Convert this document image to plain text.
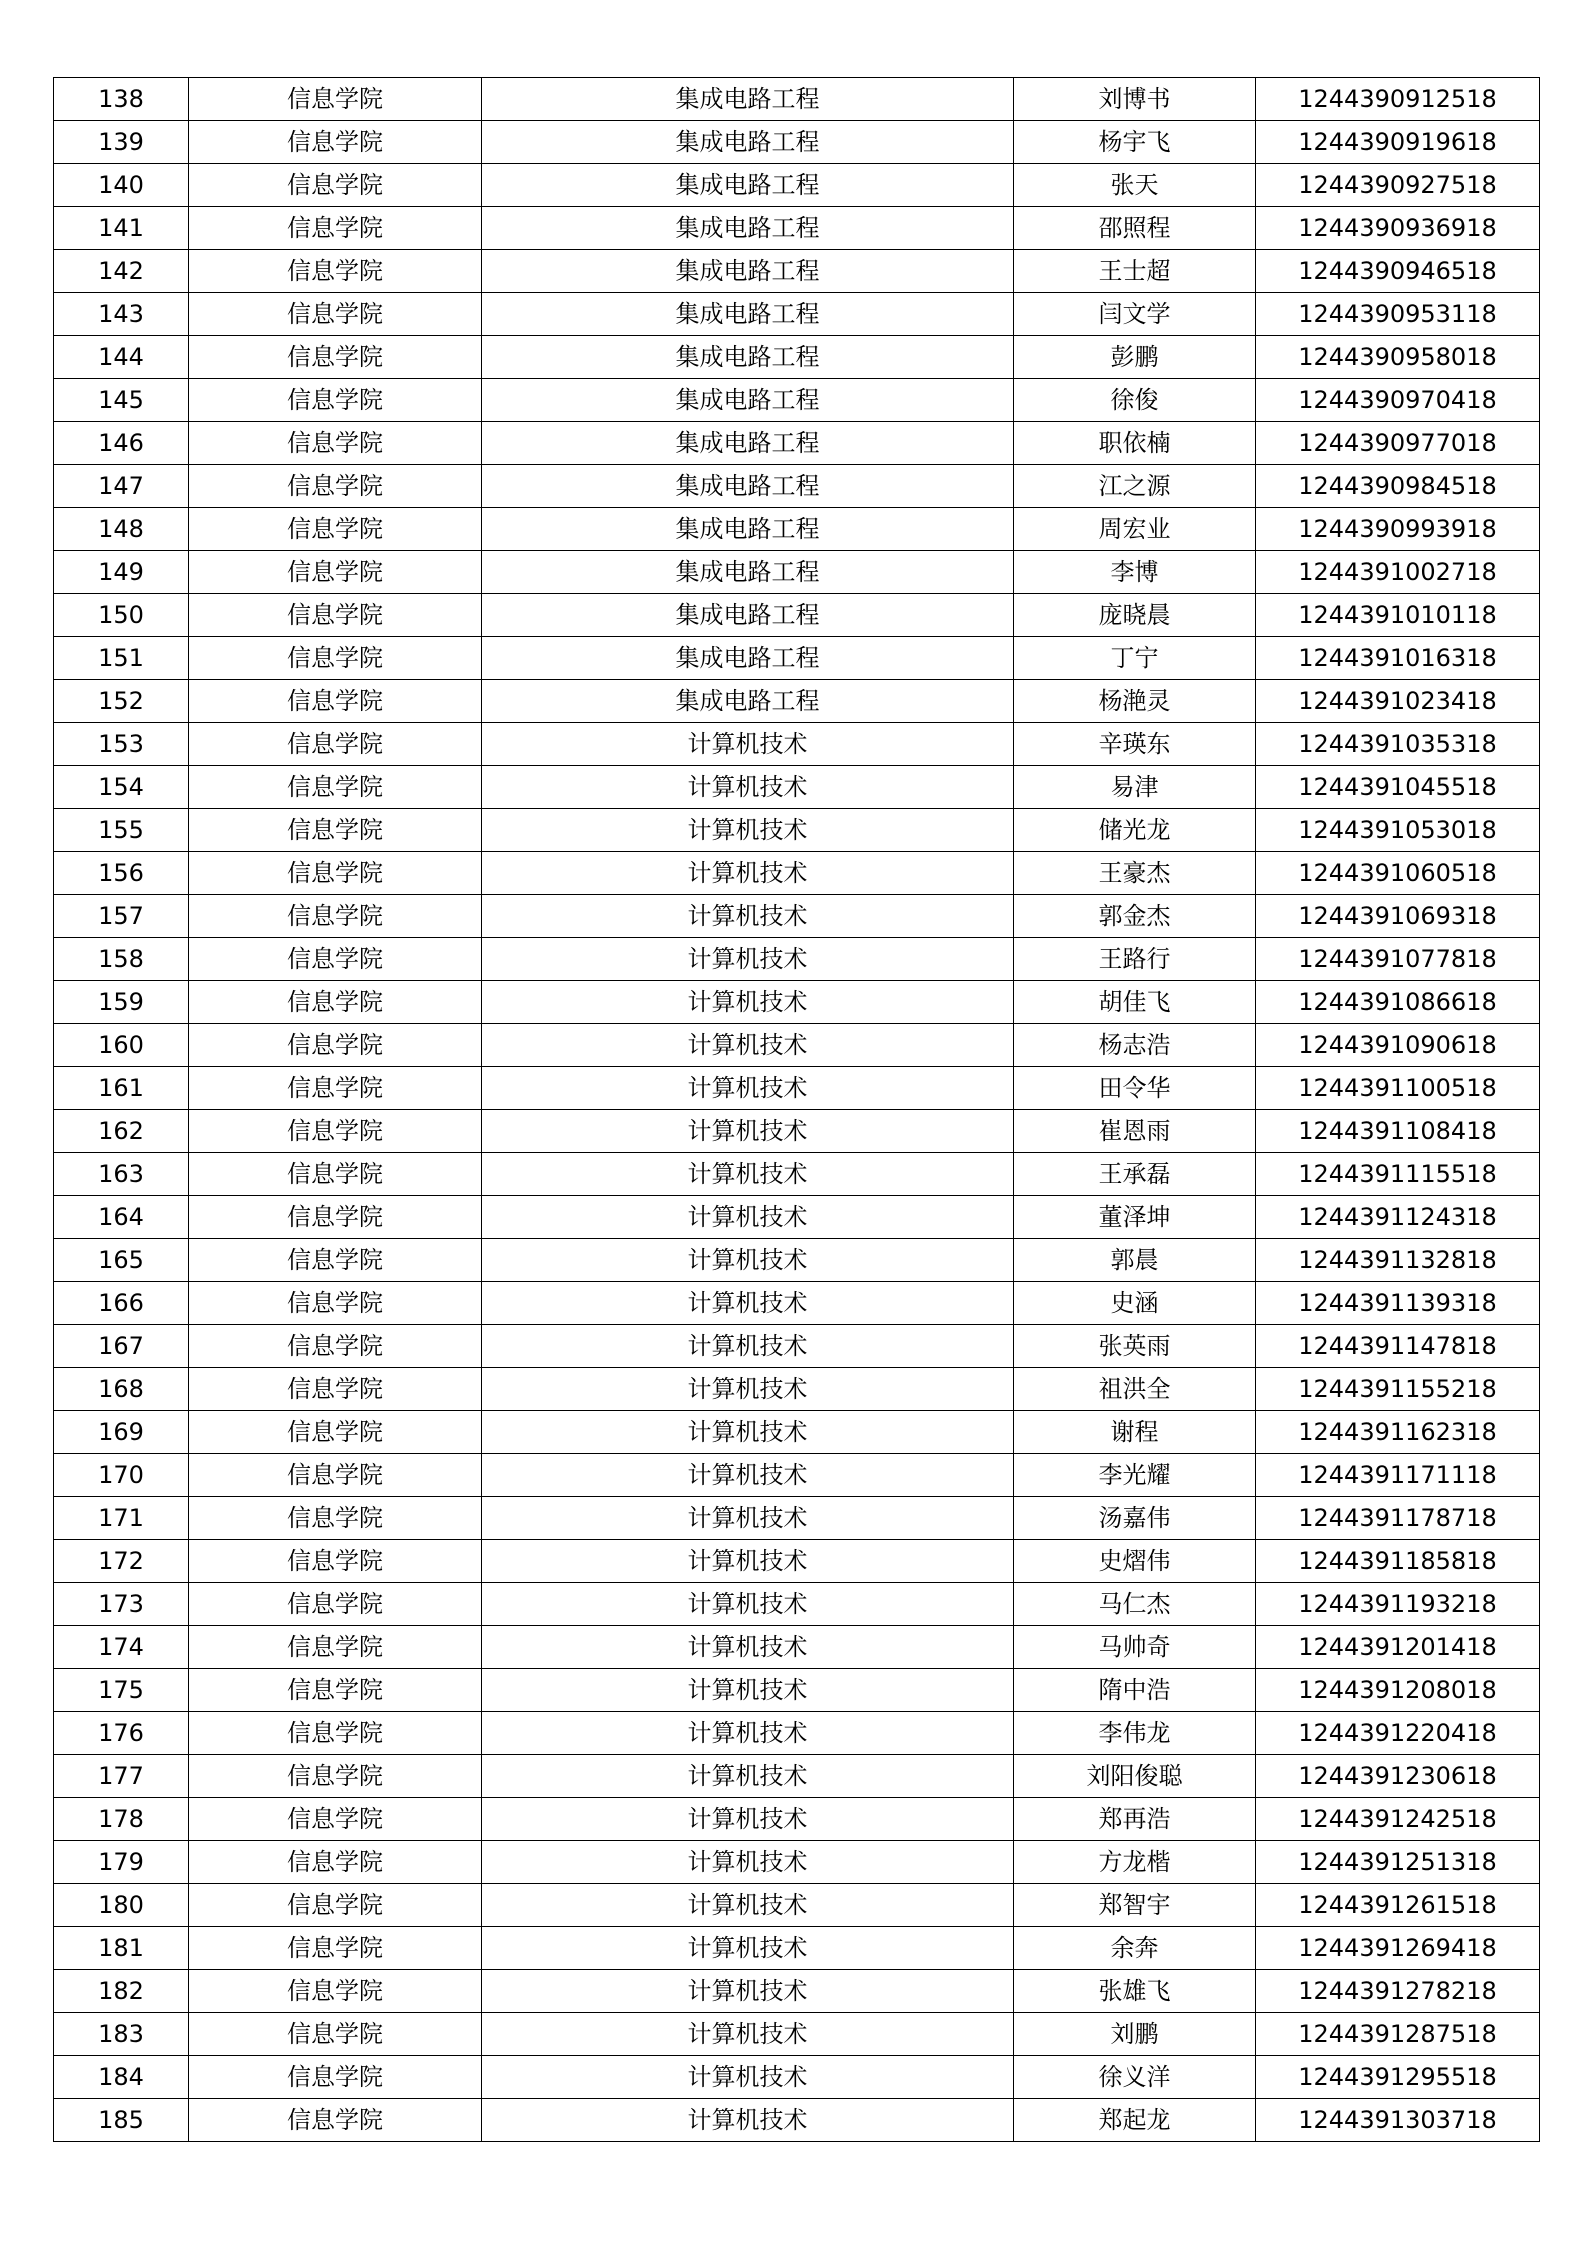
138	信息学院	集成电路工程	刘博书	1244390912518
139	信息学院	集成电路工程	杨宇飞	1244390919618
140	信息学院	集成电路工程	张天	1244390927518
141	信息学院	集成电路工程	邵照程	1244390936918
142	信息学院	集成电路工程	王士超	1244390946518
143	信息学院	集成电路工程	闫文学	1244390953118
144	信息学院	集成电路工程	彭鹏	1244390958018
145	信息学院	集成电路工程	徐俊	1244390970418
146	信息学院	集成电路工程	职依楠	1244390977018
147	信息学院	集成电路工程	江之源	1244390984518
148	信息学院	集成电路工程	周宏业	1244390993918
149	信息学院	集成电路工程	李博	1244391002718
150	信息学院	集成电路工程	庞晓晨	1244391010118
151	信息学院	集成电路工程	丁宁	1244391016318
152	信息学院	集成电路工程	杨滟灵	1244391023418
153	信息学院	计算机技术	辛瑛东	1244391035318
154	信息学院	计算机技术	易津	1244391045518
155	信息学院	计算机技术	储光龙	1244391053018
156	信息学院	计算机技术	王豪杰	1244391060518
157	信息学院	计算机技术	郭金杰	1244391069318
158	信息学院	计算机技术	王路行	1244391077818
159	信息学院	计算机技术	胡佳飞	1244391086618
160	信息学院	计算机技术	杨志浩	1244391090618
161	信息学院	计算机技术	田令华	1244391100518
162	信息学院	计算机技术	崔恩雨	1244391108418
163	信息学院	计算机技术	王承磊	1244391115518
164	信息学院	计算机技术	董泽坤	1244391124318
165	信息学院	计算机技术	郭晨	1244391132818
166	信息学院	计算机技术	史涵	1244391139318
167	信息学院	计算机技术	张英雨	1244391147818
168	信息学院	计算机技术	祖洪全	1244391155218
169	信息学院	计算机技术	谢程	1244391162318
170	信息学院	计算机技术	李光耀	1244391171118
171	信息学院	计算机技术	汤嘉伟	1244391178718
172	信息学院	计算机技术	史熠伟	1244391185818
173	信息学院	计算机技术	马仁杰	1244391193218
174	信息学院	计算机技术	马帅奇	1244391201418
175	信息学院	计算机技术	隋中浩	1244391208018
176	信息学院	计算机技术	李伟龙	1244391220418
177	信息学院	计算机技术	刘阳俊聪	1244391230618
178	信息学院	计算机技术	郑再浩	1244391242518
179	信息学院	计算机技术	方龙楷	1244391251318
180	信息学院	计算机技术	郑智宇	1244391261518
181	信息学院	计算机技术	余奔	1244391269418
182	信息学院	计算机技术	张雄飞	1244391278218
183	信息学院	计算机技术	刘鹏	1244391287518
184	信息学院	计算机技术	徐义洋	1244391295518
185	信息学院	计算机技术	郑起龙	1244391303718
